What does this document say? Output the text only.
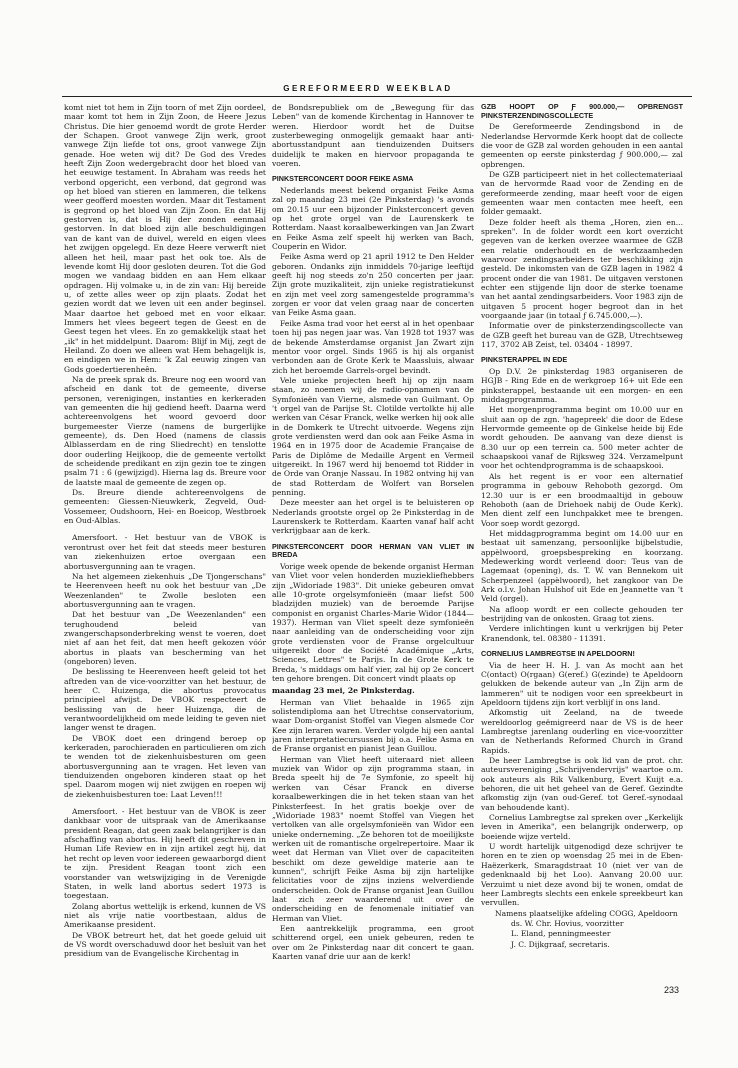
GEREFORMEERD WEEKBLAD

komt niet tot hem in Zijn toorn of met Zijn oordeel, maar komt tot hem in Zijn Zoon, de Heere Jezus Christus. Die hier genoemd wordt de grote Herder der Schapen. Groot vanwege Zijn werk, groot vanwege Zijn liefde tot ons, groot vanwege Zijn genade. Hoe weten wij dit? De God des Vredes heeft Zijn Zoon wedergebracht door het bloed van het eeuwige testament. In Abraham was reeds het verbond opgericht, een verbond, dat gegrond was op het bloed van stieren en lammeren, die telkens weer geofferd moesten worden. Maar dit Testament is gegrond op het bloed van Zijn Zoon. En dat Hij gestorven is, dat is Hij der zonden eenmaal gestorven. In dat bloed zijn alle beschuldigingen van de kant van de duivel, wereld en eigen vlees het zwijgen opgelegd. En deze Heere verwerft niet alleen het heil, maar past het ook toe. Als de levende komt Hij door gesloten deuren. Tot die God mogen we vandaag bidden en aan Hem elkaar opdragen. Hij volmake u, in de zin van: Hij bereide u, of zette alles weer op zijn plaats. Zodat het gezien wordt dat we leven uit een ander beginsel. Maar daartoe het geboed met en voor elkaar. Immers het vlees begeert tegen de Geest en de Geest tegen het vlees. En zo gemakkelijk staat het „ik" in het middelpunt. Daarom: Blijf in Mij, zegt de Heiland. Zo doen we alleen wat Hem behagelijk is, en eindigen we in Hem: 'k Zal eeuwig zingen van Gods goedertierenheên.

Na de preek sprak ds. Breure nog een woord van afscheid en dank tot de gemeente, diverse personen, verenigingen, instanties en kerkeraden van gemeenten die hij gediend heeft. Daarna werd achtereenvolgens het woord gevoerd door burgemeester Vierze (namens de burgerlijke gemeente), ds. Den Hoed (namens de classis Alblasserdam en de ring Sliedrecht) en tenslotte door ouderling Heijkoop, die de gemeente vertolkt de scheidende predikant en zijn gezin toe te zingen psalm 71 : 6 (gewijzigd). Hierna lag ds. Breure voor de laatste maal de gemeente de zegen op.

Ds. Breure diende achtereenvolgens de gemeenten: Giessen-Nieuwkerk, Zegveld, Oud-Vossemeer, Oudshoorn, Hei- en Boeicop, Westbroek en Oud-Alblas.

Amersfoort. - Het bestuur van de VBOK is verontrust over het feit dat steeds meer besturen van ziekenhuizen ertoe overgaan een abortusvergunning aan te vragen.

Na het algemeen ziekenhuis „De Tjongerschans" te Heerenveen heeft nu ook het bestuur van „De Weezenlanden" te Zwolle besloten een abortusvergunning aan te vragen.

Dat het bestuur van „De Weezenlanden" een terughoudend beleid van zwangerschapsonderbreking wenst te voeren, doet niet af aan het feit, dat men heeft gekozen vóór abortus in plaats van bescherming van het (ongeboren) leven.

De beslissing te Heerenveen heeft geleid tot het aftreden van de vice-voorzitter van het bestuur, de heer C. Huizenga, die abortus provocatus principieel afwijst. De VBOK respecteert de beslissing van de heer Huizenga, die de verantwoordelijkheid om mede leiding te geven niet langer wenst te dragen.

De VBOK doet een dringend beroep op kerkeraden, parochieraden en particulieren om zich te wenden tot de ziekenhuisbesturen om geen abortusvergunning aan te vragen. Het leven van tienduizenden ongeboren kinderen staat op het spel. Daarom mogen wij niet zwijgen en roepen wij de ziekenhuisbesturen toe: Laat Leven!!!

Amersfoort. - Het bestuur van de VBOK is zeer dankbaar voor de uitspraak van de Amerikaanse president Reagan, dat geen zaak belangrijker is dan afschaffing van abortus. Hij heeft dit geschreven in Human Life Review en in zijn artikel zegt hij, dat het recht op leven voor iedereen gewaarborgd dient te zijn. President Reagan toont zich een voorstander van wetswijziging in de Verenigde Staten, in welk land abortus sedert 1973 is toegestaan.

Zolang abortus wettelijk is erkend, kunnen de VS niet als vrije natie voortbestaan, aldus de Amerikaanse president.

De VBOK betreurt het, dat het goede geluid uit de VS wordt overschaduwd door het besluit van het presidium van de Evangelische Kirchentag in

de Bondsrepubliek om de „Bewegung für das Leben" van de komende Kirchentag in Hannover te weren. Hierdoor wordt het de Duitse zusterbeweging onmogelijk gemaakt haar anti-abortusstandpunt aan tienduizenden Duitsers duidelijk te maken en hiervoor propaganda te voeren.

PINKSTERCONCERT DOOR FEIKE ASMA

Nederlands meest bekend organist Feike Asma zal op maandag 23 mei (2e Pinksterdag) 's avonds om 20.15 uur een bijzonder Pinksterconcert geven op het grote orgel van de Laurenskerk te Rotterdam. Naast koraalbewerkingen van Jan Zwart en Feike Asma zelf speelt hij werken van Bach, Couperin en Widor.

Feike Asma werd op 21 april 1912 te Den Helder geboren. Ondanks zijn inmiddels 70-jarige leeftijd geeft hij nog steeds zo'n 250 concerten per jaar. Zijn grote muzikaliteit, zijn unieke registratiekunst en zijn met veel zorg samengestelde programma's zorgen er voor dat velen graag naar de concerten van Feike Asma gaan.

Feike Asma trad voor het eerst al in het openbaar toen hij pas negen jaar was. Van 1928 tot 1937 was de bekende Amsterdamse organist Jan Zwart zijn mentor voor orgel. Sinds 1965 is hij als organist verbonden aan de Grote Kerk te Maassluis, alwaar zich het beroemde Garrels-orgel bevindt.

Vele unieke projecten heeft hij op zijn naam staan, zo noemen wij de radio-opnamen van de Symfonieën van Vierne, alsmede van Guilmant. Op 't orgel van de Parijse St. Clotilde vertolkte hij alle werken van César Franck, welke werken hij ook alle in de Domkerk te Utrecht uitvoerde. Wegens zijn grote verdiensten werd dan ook aan Feike Asma in 1964 en in 1975 door de Academie Française de Paris de Diplôme de Medaille Argent en Vermeil uitgereikt. In 1967 werd hij benoemd tot Ridder in de Orde van Oranje Nassau. In 1982 ontving hij van de stad Rotterdam de Wolfert van Borselen penning.

Deze meester aan het orgel is te beluisteren op Nederlands grootste orgel op 2e Pinksterdag in de Laurenskerk te Rotterdam. Kaarten vanaf half acht verkrijgbaar aan de kerk.

PINKSTERCONCERT DOOR HERMAN VAN VLIET IN BREDA

Vorige week opende de bekende organist Herman van Vliet voor velen honderden muziekliefhebbers zijn „Widoriade 1983". Dit unieke gebeuren omvat alle 10-grote orgelsymfonieën (maar liefst 500 bladzijden muziek) van de beroemde Parijse componist en organist Charles-Marie Widor (1844—1937). Herman van Vliet speelt deze symfonieën naar aanleiding van de onderscheiding voor zijn grote verdiensten voor de Franse orgelcultuur uitgereikt door de Société Académique „Arts, Sciences, Lettres" te Parijs. In de Grote Kerk te Breda, 's middags om half vier, zal hij op 2e concert ten gehore brengen. Dit concert vindt plaats op

maandag 23 mei, 2e Pinksterdag.

Herman van Vliet behaalde in 1965 zijn solistendiploma aan het Utrechtse conservatorium, waar Dom-organist Stoffel van Viegen alsmede Cor Kee zijn leraren waren. Verder volgde hij een aantal jaren interpretatiecursussen bij o.a. Feike Asma en de Franse organist en pianist Jean Guillou.

Herman van Vliet heeft uiteraard niet alleen muziek van Widor op zijn programma staan, in Breda speelt hij de 7e Symfonie, zo speelt hij werken van César Franck en diverse koraalbewerkingen die in het teken staan van het Pinksterfeest. In het gratis boekje over de „Widoriade 1983" noemt Stoffel van Viegen het vertolken van alle orgelsymfonieën van Widor een unieke onderneming. „Ze behoren tot de moeilijkste werken uit de romantische orgelrepertoire. Maar ik weet dat Herman van Vliet over de capaciteiten beschikt om deze geweldige materie aan te kunnen", schrijft Feike Asma bij zijn hartelijke felicitaties voor de zijns inziens welverdiende onderscheiden. Ook de Franse organist Jean Guillou laat zich zeer waarderend uit over de onderscheiding en de fenomenale initiatief van Herman van Vliet.

Een aantrekkelijk programma, een groot schitterend orgel, een uniek gebeuren, reden te over om 2e Pinksterdag naar dit concert te gaan. Kaarten vanaf drie uur aan de kerk!

GZB HOOPT OP Ƒ 900.000,— OPBRENGST PINKSTERZENDINGSCOLLECTE

De Gereformeerde Zendingsbond in de Nederlandse Hervormde Kerk hoopt dat de collecte die voor de GZB zal worden gehouden in een aantal gemeenten op eerste pinksterdag ƒ 900.000,— zal opbrengen.

De GZB participeert niet in het collectemateriaal van de hervormde Raad voor de Zending en de gereformeerde zending, maar heeft voor de eigen gemeenten waar men contacten mee heeft, een folder gemaakt.

Deze folder heeft als thema „Horen, zien en... spreken". In de folder wordt een kort overzicht gegeven van de kerken overzee waarmee de GZB een relatie onderhoudt en de werkzaamheden waarvoor zendingsarbeiders ter beschikking zijn gesteld. De inkomsten van de GZB lagen in 1982 4 procent onder die van 1981. De uitgaven verstonen echter een stijgende lijn door de sterke toename van het aantal zendingsarbeiders. Voor 1983 zijn de uitgaven 5 procent hoger begroot dan in het voorgaande jaar (in totaal ƒ 6.745.000,—).

Informatie over de pinksterzendingscollecte van de GZB geeft het bureau van de GZB, Utrechtseweg 117, 3702 AB Zeist, tel. 03404 - 18997.

PINKSTERAPPEL IN EDE

Op D.V. 2e pinksterdag 1983 organiseren de HGJB - Ring Ede en de werkgroep 16+ uit Ede een pinksterappel, bestaande uit een morgen- en een middagprogramma.

Het morgenprogramma begint om 10.00 uur en sluit aan op de zgn. 'hagepreek' die door de Edese Hervormde gemeente op de Ginkelse heide bij Ede wordt gehouden. De aanvang van deze dienst is 8.30 uur op een terrein ca. 500 meter achter de schaapskooi vanaf de Rijksweg 324. Verzamelpunt voor het ochtendprogramma is de schaapskooi.

Als het regent is er voor een alternatief programma in gebouw Rehoboth gezorgd. Om 12.30 uur is er een broodmaaltijd in gebouw Rehoboth (aan de Driehoek nabij de Oude Kerk). Men dient zelf een lunchpakket mee te brengen. Voor soep wordt gezorgd.

Het middagprogramma begint om 14.00 uur en bestaat uit samenzang, persoonlijke bijbelstudie, appèlwoord, groepsbespreking en koorzang. Medewerking wordt verleend door: Teus van de Lagemaat (opening), ds. T. W. van Bennekom uit Scherpenzeel (appèlwoord), het zangkoor van De Ark o.l.v. Johan Hulshof uit Ede en Jeannette van 't Veld (orgel).

Na afloop wordt er een collecte gehouden ter bestrijding van de onkosten. Graag tot ziens.

Verdere inlichtingen kunt u verkrijgen bij Peter Kranendonk, tel. 08380 - 11391.

CORNELIUS LAMBREGTSE IN APELDOORN!

Via de heer H. H. J. van As mocht aan het C(ontact) O(rgaan) G(eref.) G(ezinde) te Apeldoorn gelukken de bekende auteur van „In Zijn arm de lammeren" uit te nodigen voor een spreekbeurt in Apeldoorn tijdens zijn kort verblijf in ons land.

Afkomstig uit Zeeland, na de tweede wereldoorlog geëmigreerd naar de VS is de heer Lambregtse jarenlang ouderling en vice-voorzitter van de Netherlands Reformed Church in Grand Rapids.

De heer Lambregtse is ook lid van de prot. chr. auteursvereniging „Schrijvendervrijs" waartoe o.m. ook auteurs als Rik Valkenburg, Evert Kuijt e.a. behoren, die uit het geheel van de Geref. Gezindte afkomstig zijn (van oud-Geref. tot Geref.-synodaal van behoudende kant).

Cornelius Lambregtse zal spreken over „Kerkelijk leven in Amerika", een belangrijk onderwerp, op boeiende wijze verteld.

U wordt hartelijk uitgenodigd deze schrijver te horen en te zien op woensdag 25 mei in de Eben-Haëzerkerk, Smaragdstraat 10 (niet ver van de gedenknaald bij het Loo). Aanvang 20.00 uur. Verzuimt u niet deze avond bij te wonen, omdat de heer Lambregts slechts een enkele spreekbeurt kan vervullen.

Namens plaatselijke afdeling COGG, Apeldoorn

ds. W. Chr. Hovius, voorzitter

L. Eland, penningmeester

J. C. Dijkgraaf, secretaris.

233
